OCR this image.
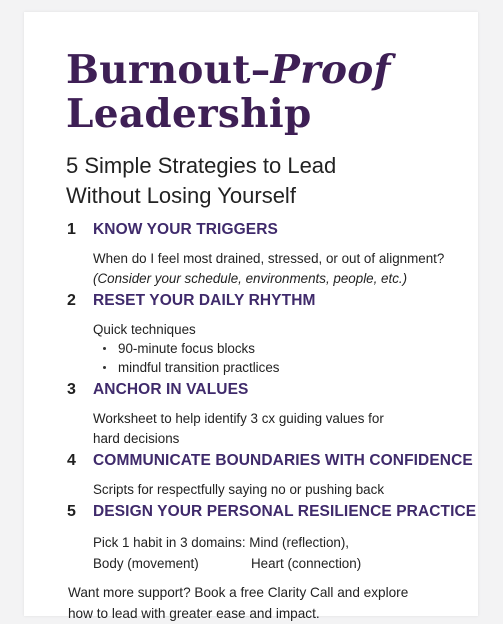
Burnout–Proof
Leadership
5 Simple Strategies to Lead
Without Losing Yourself
1 KNOW YOUR TRIGGERS
When do I feel most drained, stressed, or out of alignment?
(Consider your schedule, environments, people, etc.)
2 RESET YOUR DAILY RHYTHM
Quick techniques
90-minute focus blocks
mindful transition practlices
3 ANCHOR IN VALUES
Worksheet to help identify 3 cx guiding values for
hard decisions
4 COMMUNICATE BOUNDARIES WITH CONFIDENCE
Scripts for respectfully saying no or pushing back
5 DESIGN YOUR PERSONAL RESILIENCE PRACTICE
Pick 1 habit in 3 domains: Mind (reflection),
Body (movement)	Heart (connection)
Want more support? Book a free Clarity Call and explore
how to lead with greater ease and impact.
